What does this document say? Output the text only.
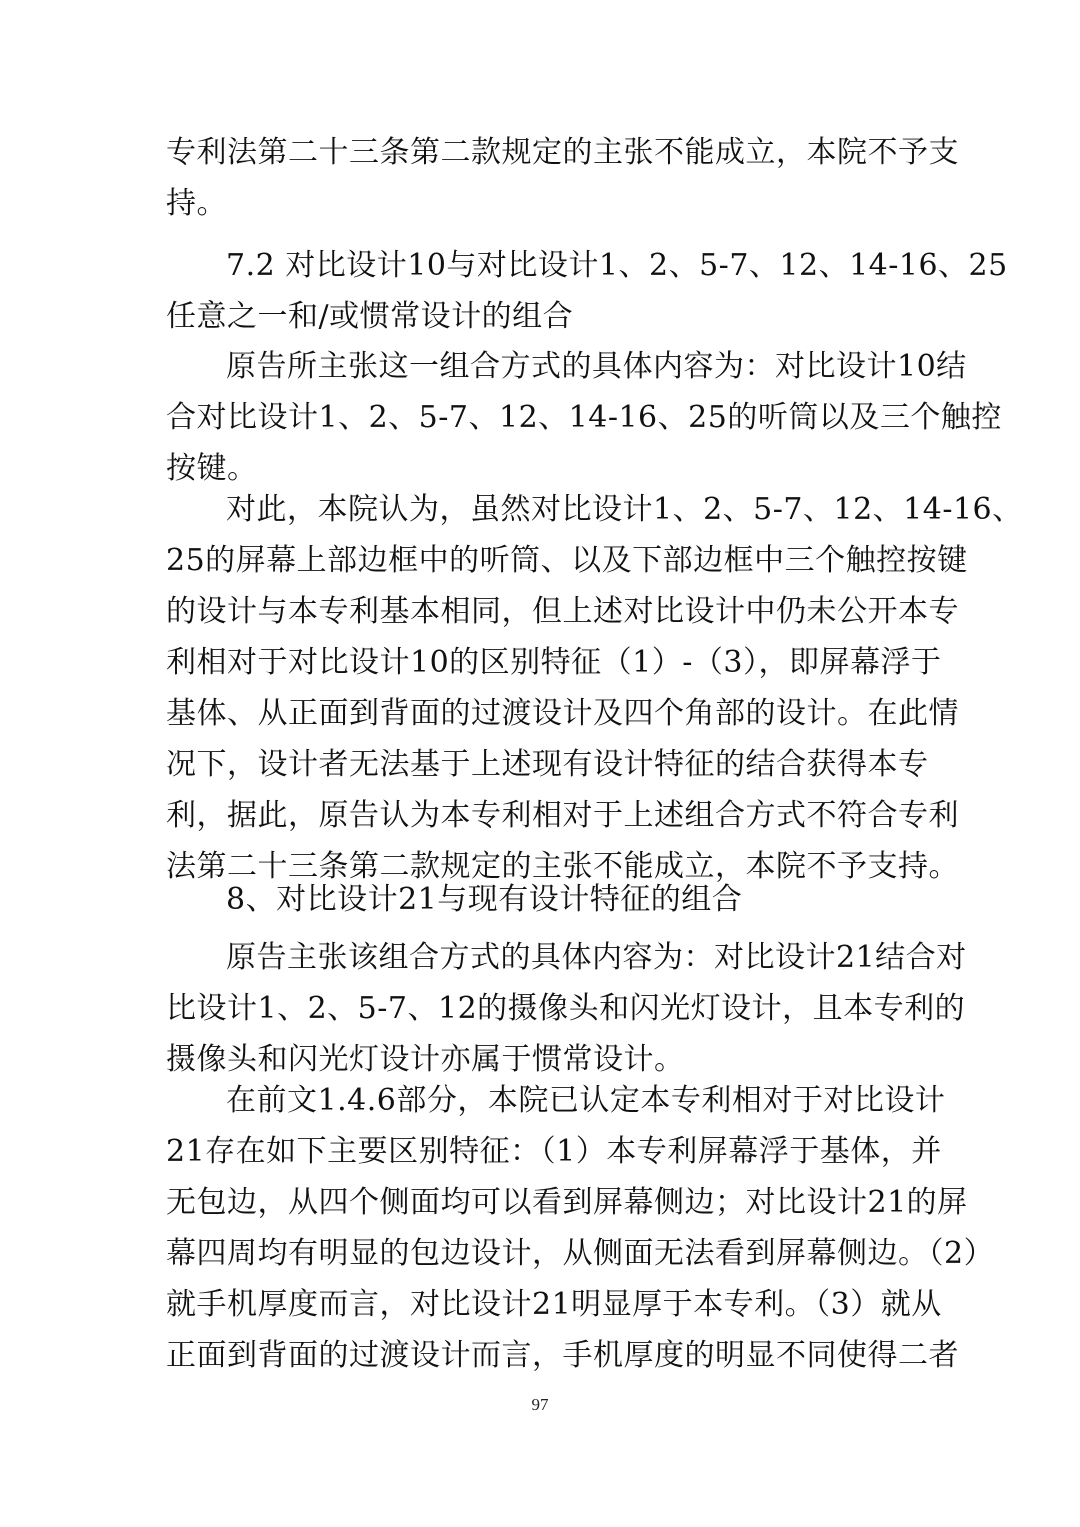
专利法第二十三条第二款规定的主张不能成立，本院不予支
持。
7.2 对比设计10与对比设计1、2、5-7、12、14-16、25
任意之一和/或惯常设计的组合
原告所主张这一组合方式的具体内容为：对比设计10结
合对比设计1、2、5-7、12、14-16、25的听筒以及三个触控
按键。
对此，本院认为，虽然对比设计1、2、5-7、12、14-16、
25的屏幕上部边框中的听筒、以及下部边框中三个触控按键
的设计与本专利基本相同，但上述对比设计中仍未公开本专
利相对于对比设计10的区别特征（1）-（3），即屏幕浮于
基体、从正面到背面的过渡设计及四个角部的设计。在此情
况下，设计者无法基于上述现有设计特征的结合获得本专
利，据此，原告认为本专利相对于上述组合方式不符合专利
法第二十三条第二款规定的主张不能成立，本院不予支持。
8、对比设计21与现有设计特征的组合
原告主张该组合方式的具体内容为：对比设计21结合对
比设计1、2、5-7、12的摄像头和闪光灯设计，且本专利的
摄像头和闪光灯设计亦属于惯常设计。
在前文1.4.6部分，本院已认定本专利相对于对比设计
21存在如下主要区别特征：（1）本专利屏幕浮于基体，并
无包边，从四个侧面均可以看到屏幕侧边；对比设计21的屏
幕四周均有明显的包边设计，从侧面无法看到屏幕侧边。（2）
就手机厚度而言，对比设计21明显厚于本专利。（3）就从
正面到背面的过渡设计而言，手机厚度的明显不同使得二者
97
